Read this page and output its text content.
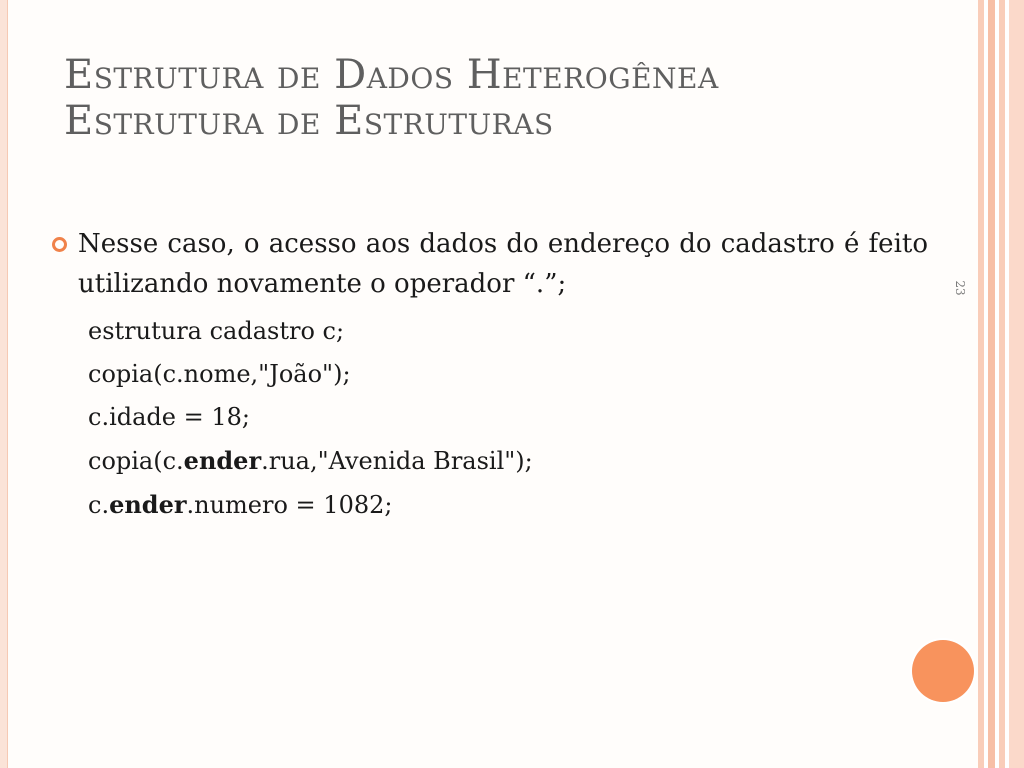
Estrutura de Dados Heterogênea
Estrutura de Estruturas
Nesse caso, o acesso aos dados do endereço do cadastro é feito utilizando novamente o operador “.”;
estrutura cadastro c;
copia(c.nome,"João");
c.idade = 18;
copia(c.ender.rua,"Avenida Brasil");
c.ender.numero = 1082;
23
